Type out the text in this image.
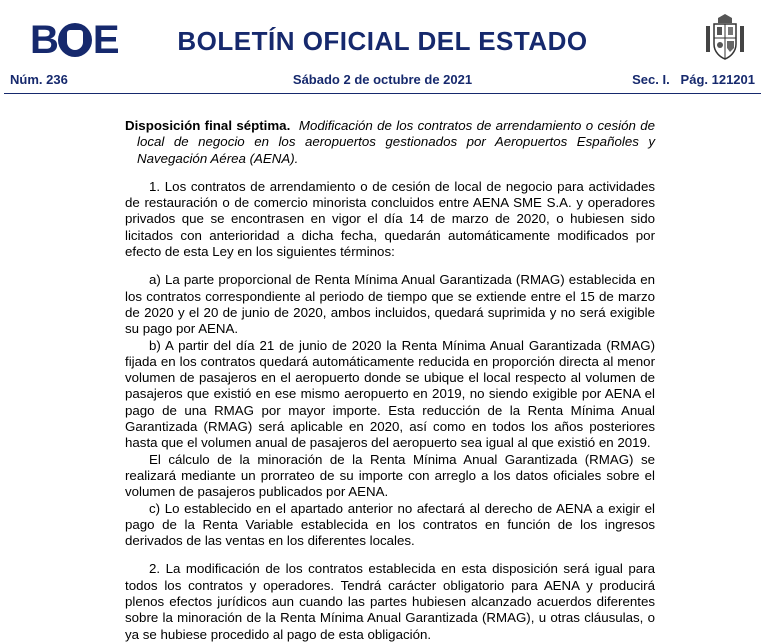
B E	BOLETÍN OFICIAL DEL ESTADO
Núm. 236	Sábado 2 de octubre de 2021	Sec. I.   Pág. 121201

Disposición final séptima. Modificación de los contratos de arrendamiento o cesión de local de negocio en los aeropuertos gestionados por Aeropuertos Españoles y Navegación Aérea (AENA).

1. Los contratos de arrendamiento o de cesión de local de negocio para actividades de restauración o de comercio minorista concluidos entre AENA SME S.A. y operadores privados que se encontrasen en vigor el día 14 de marzo de 2020, o hubiesen sido licitados con anterioridad a dicha fecha, quedarán automáticamente modificados por efecto de esta Ley en los siguientes términos:

a) La parte proporcional de Renta Mínima Anual Garantizada (RMAG) establecida en los contratos correspondiente al periodo de tiempo que se extiende entre el 15 de marzo de 2020 y el 20 de junio de 2020, ambos incluidos, quedará suprimida y no será exigible su pago por AENA.

b) A partir del día 21 de junio de 2020 la Renta Mínima Anual Garantizada (RMAG) fijada en los contratos quedará automáticamente reducida en proporción directa al menor volumen de pasajeros en el aeropuerto donde se ubique el local respecto al volumen de pasajeros que existió en ese mismo aeropuerto en 2019, no siendo exigible por AENA el pago de una RMAG por mayor importe. Esta reducción de la Renta Mínima Anual Garantizada (RMAG) será aplicable en 2020, así como en todos los años posteriores hasta que el volumen anual de pasajeros del aeropuerto sea igual al que existió en 2019.

El cálculo de la minoración de la Renta Mínima Anual Garantizada (RMAG) se realizará mediante un prorrateo de su importe con arreglo a los datos oficiales sobre el volumen de pasajeros publicados por AENA.

c) Lo establecido en el apartado anterior no afectará al derecho de AENA a exigir el pago de la Renta Variable establecida en los contratos en función de los ingresos derivados de las ventas en los diferentes locales.

2. La modificación de los contratos establecida en esta disposición será igual para todos los contratos y operadores. Tendrá carácter obligatorio para AENA y producirá plenos efectos jurídicos aun cuando las partes hubiesen alcanzado acuerdos diferentes sobre la minoración de la Renta Mínima Anual Garantizada (RMAG), u otras cláusulas, o ya se hubiese procedido al pago de esta obligación.
